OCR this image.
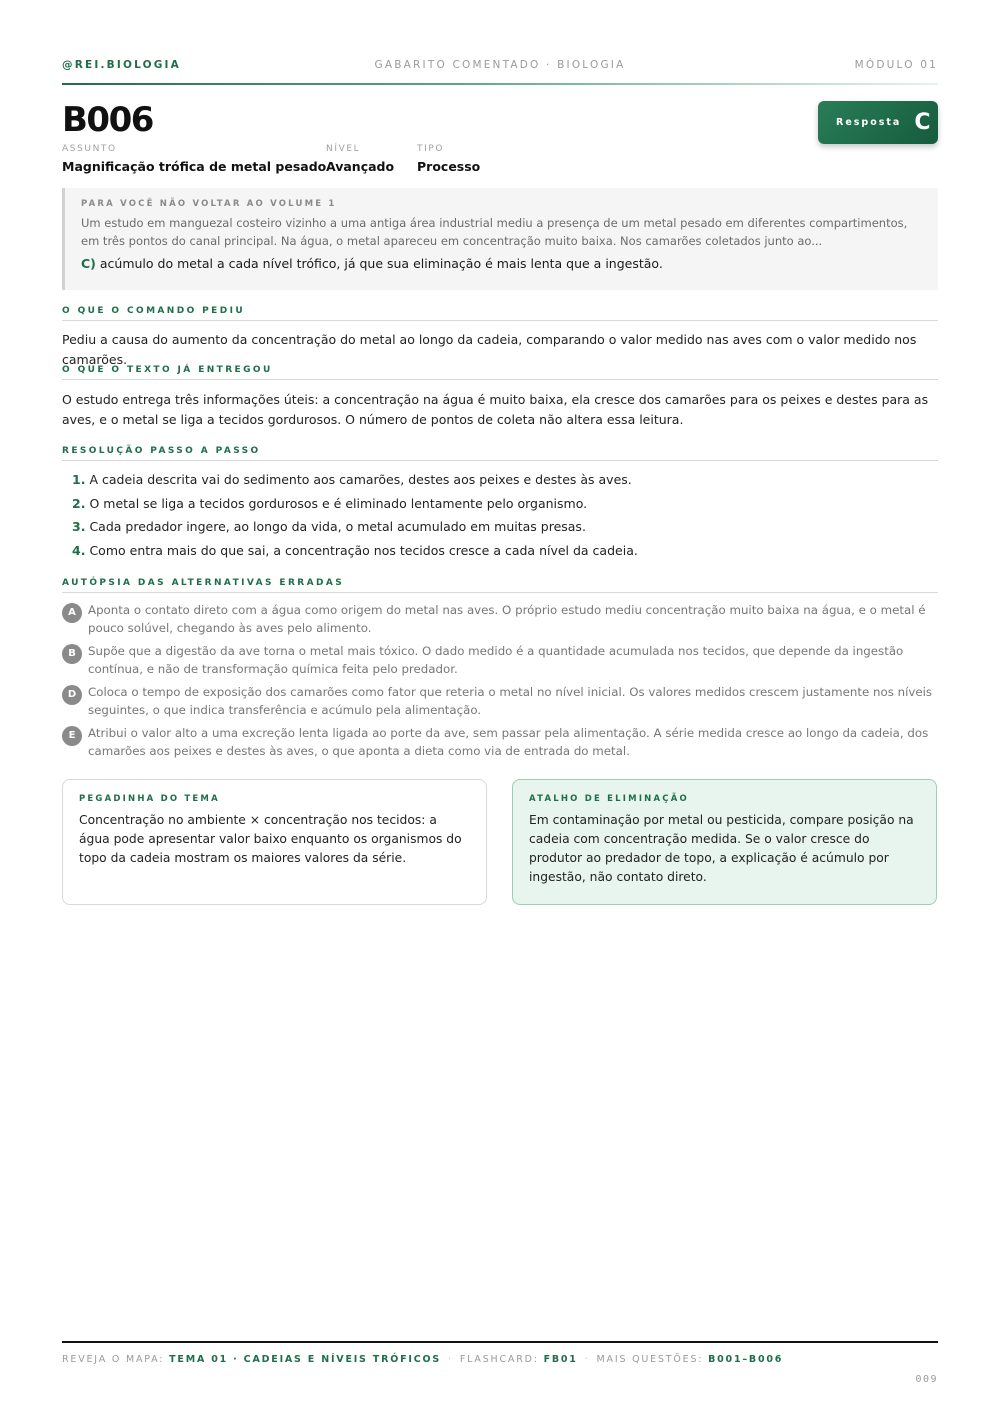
GABARITO COMENTADO · BIOLOGIA
@REI.BIOLOGIA	MÓDULO 01
B006
ASSUNTO
Magnificação trófica de metal pesado
NÍVEL
Avançado
TIPO
Processo
Resposta C
PARA VOCÊ NÃO VOLTAR AO VOLUME 1
Um estudo em manguezal costeiro vizinho a uma antiga área industrial mediu a presença de um metal pesado em diferentes compartimentos, em três pontos do canal principal. Na água, o metal apareceu em concentração muito baixa. Nos camarões coletados junto ao...
C) acúmulo do metal a cada nível trófico, já que sua eliminação é mais lenta que a ingestão.
O QUE O COMANDO PEDIU
Pediu a causa do aumento da concentração do metal ao longo da cadeia, comparando o valor medido nas aves com o valor medido nos camarões.
O QUE O TEXTO JÁ ENTREGOU
O estudo entrega três informações úteis: a concentração na água é muito baixa, ela cresce dos camarões para os peixes e destes para as aves, e o metal se liga a tecidos gordurosos. O número de pontos de coleta não altera essa leitura.
RESOLUÇÃO PASSO A PASSO
1. A cadeia descrita vai do sedimento aos camarões, destes aos peixes e destes às aves.
2. O metal se liga a tecidos gordurosos e é eliminado lentamente pelo organismo.
3. Cada predador ingere, ao longo da vida, o metal acumulado em muitas presas.
4. Como entra mais do que sai, a concentração nos tecidos cresce a cada nível da cadeia.
AUTÓPSIA DAS ALTERNATIVAS ERRADAS
A	Aponta o contato direto com a água como origem do metal nas aves. O próprio estudo mediu concentração muito baixa na água, e o metal é pouco solúvel, chegando às aves pelo alimento.
B	Supõe que a digestão da ave torna o metal mais tóxico. O dado medido é a quantidade acumulada nos tecidos, que depende da ingestão contínua, e não de transformação química feita pelo predador.
D	Coloca o tempo de exposição dos camarões como fator que reteria o metal no nível inicial. Os valores medidos crescem justamente nos níveis seguintes, o que indica transferência e acúmulo pela alimentação.
E	Atribui o valor alto a uma excreção lenta ligada ao porte da ave, sem passar pela alimentação. A série medida cresce ao longo da cadeia, dos camarões aos peixes e destes às aves, o que aponta a dieta como via de entrada do metal.
PEGADINHA DO TEMA
Concentração no ambiente × concentração nos tecidos: a água pode apresentar valor baixo enquanto os organismos do topo da cadeia mostram os maiores valores da série.
ATALHO DE ELIMINAÇÃO
Em contaminação por metal ou pesticida, compare posição na cadeia com concentração medida. Se o valor cresce do produtor ao predador de topo, a explicação é acúmulo por ingestão, não contato direto.
REVEJA O MAPA: TEMA 01 · CADEIAS E NÍVEIS TRÓFICOS · FLASHCARD: FB01 · MAIS QUESTÕES: B001–B006
009
